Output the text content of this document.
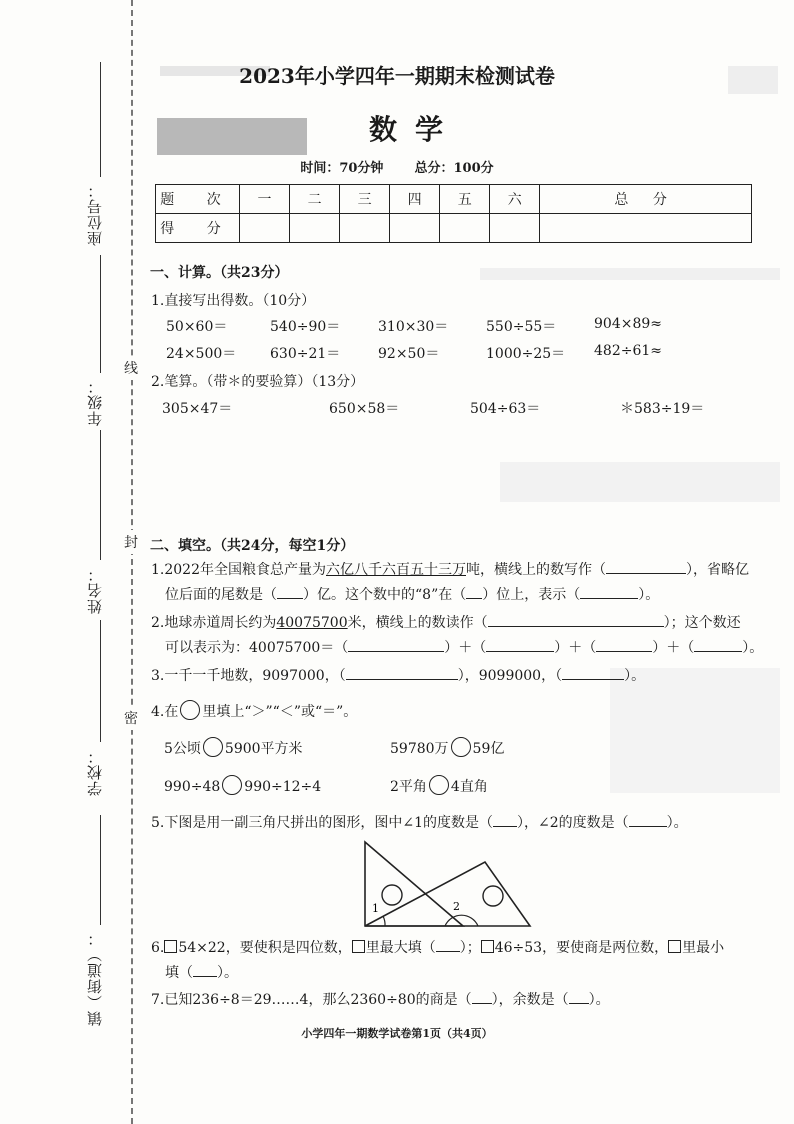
座位号：
年级：
姓名：
学校：
镇（街道）：
线
封
密
2023年小学四年一期期末检测试卷
数学
时间：70分钟 总分：100分
题 次	一	二	三	四	五	六	总 分
得 分							
一、计算。（共23分）
1.直接写出得数。（10分）
50×60＝	540÷90＝	310×30＝	550÷55＝	904×89≈
24×500＝ 630÷21＝	92×50＝	1000÷25＝ 482÷61≈
2.笔算。（带＊的要验算）（13分）
305×47＝	650×58＝	504÷63＝	＊583÷19＝
二、填空。（共24分，每空1分）
1.2022年全国粮食总产量为六亿八千六百五十三万吨，横线上的数写作（	），省略亿
位后面的尾数是（ ）亿。这个数中的“8”在（ ）位上，表示（	）。
2.地球赤道周长约为40075700米，横线上的数读作（	）；这个数还
可以表示为：40075700＝（	）＋（	）＋（	）＋（	）。
3.一千一千地数，9097000，（	），9099000，（	）。
4.在 里填上“＞”“＜”或“＝”。
5公顷 5900平方米	59780万 59亿
990÷48 990÷12÷4	2平角 4直角
5.下图是用一副三角尺拼出的图形，图中∠1的度数是（ ），∠2的度数是（	）。
1	2
6. 54×22，要使积是四位数， 里最大填（ ）； 46÷53，要使商是两位数， 里最小
填（ ）。
7.已知236÷8＝29……4，那么2360÷80的商是（ ），余数是（ ）。
小学四年一期数学试卷第1页（共4页）
